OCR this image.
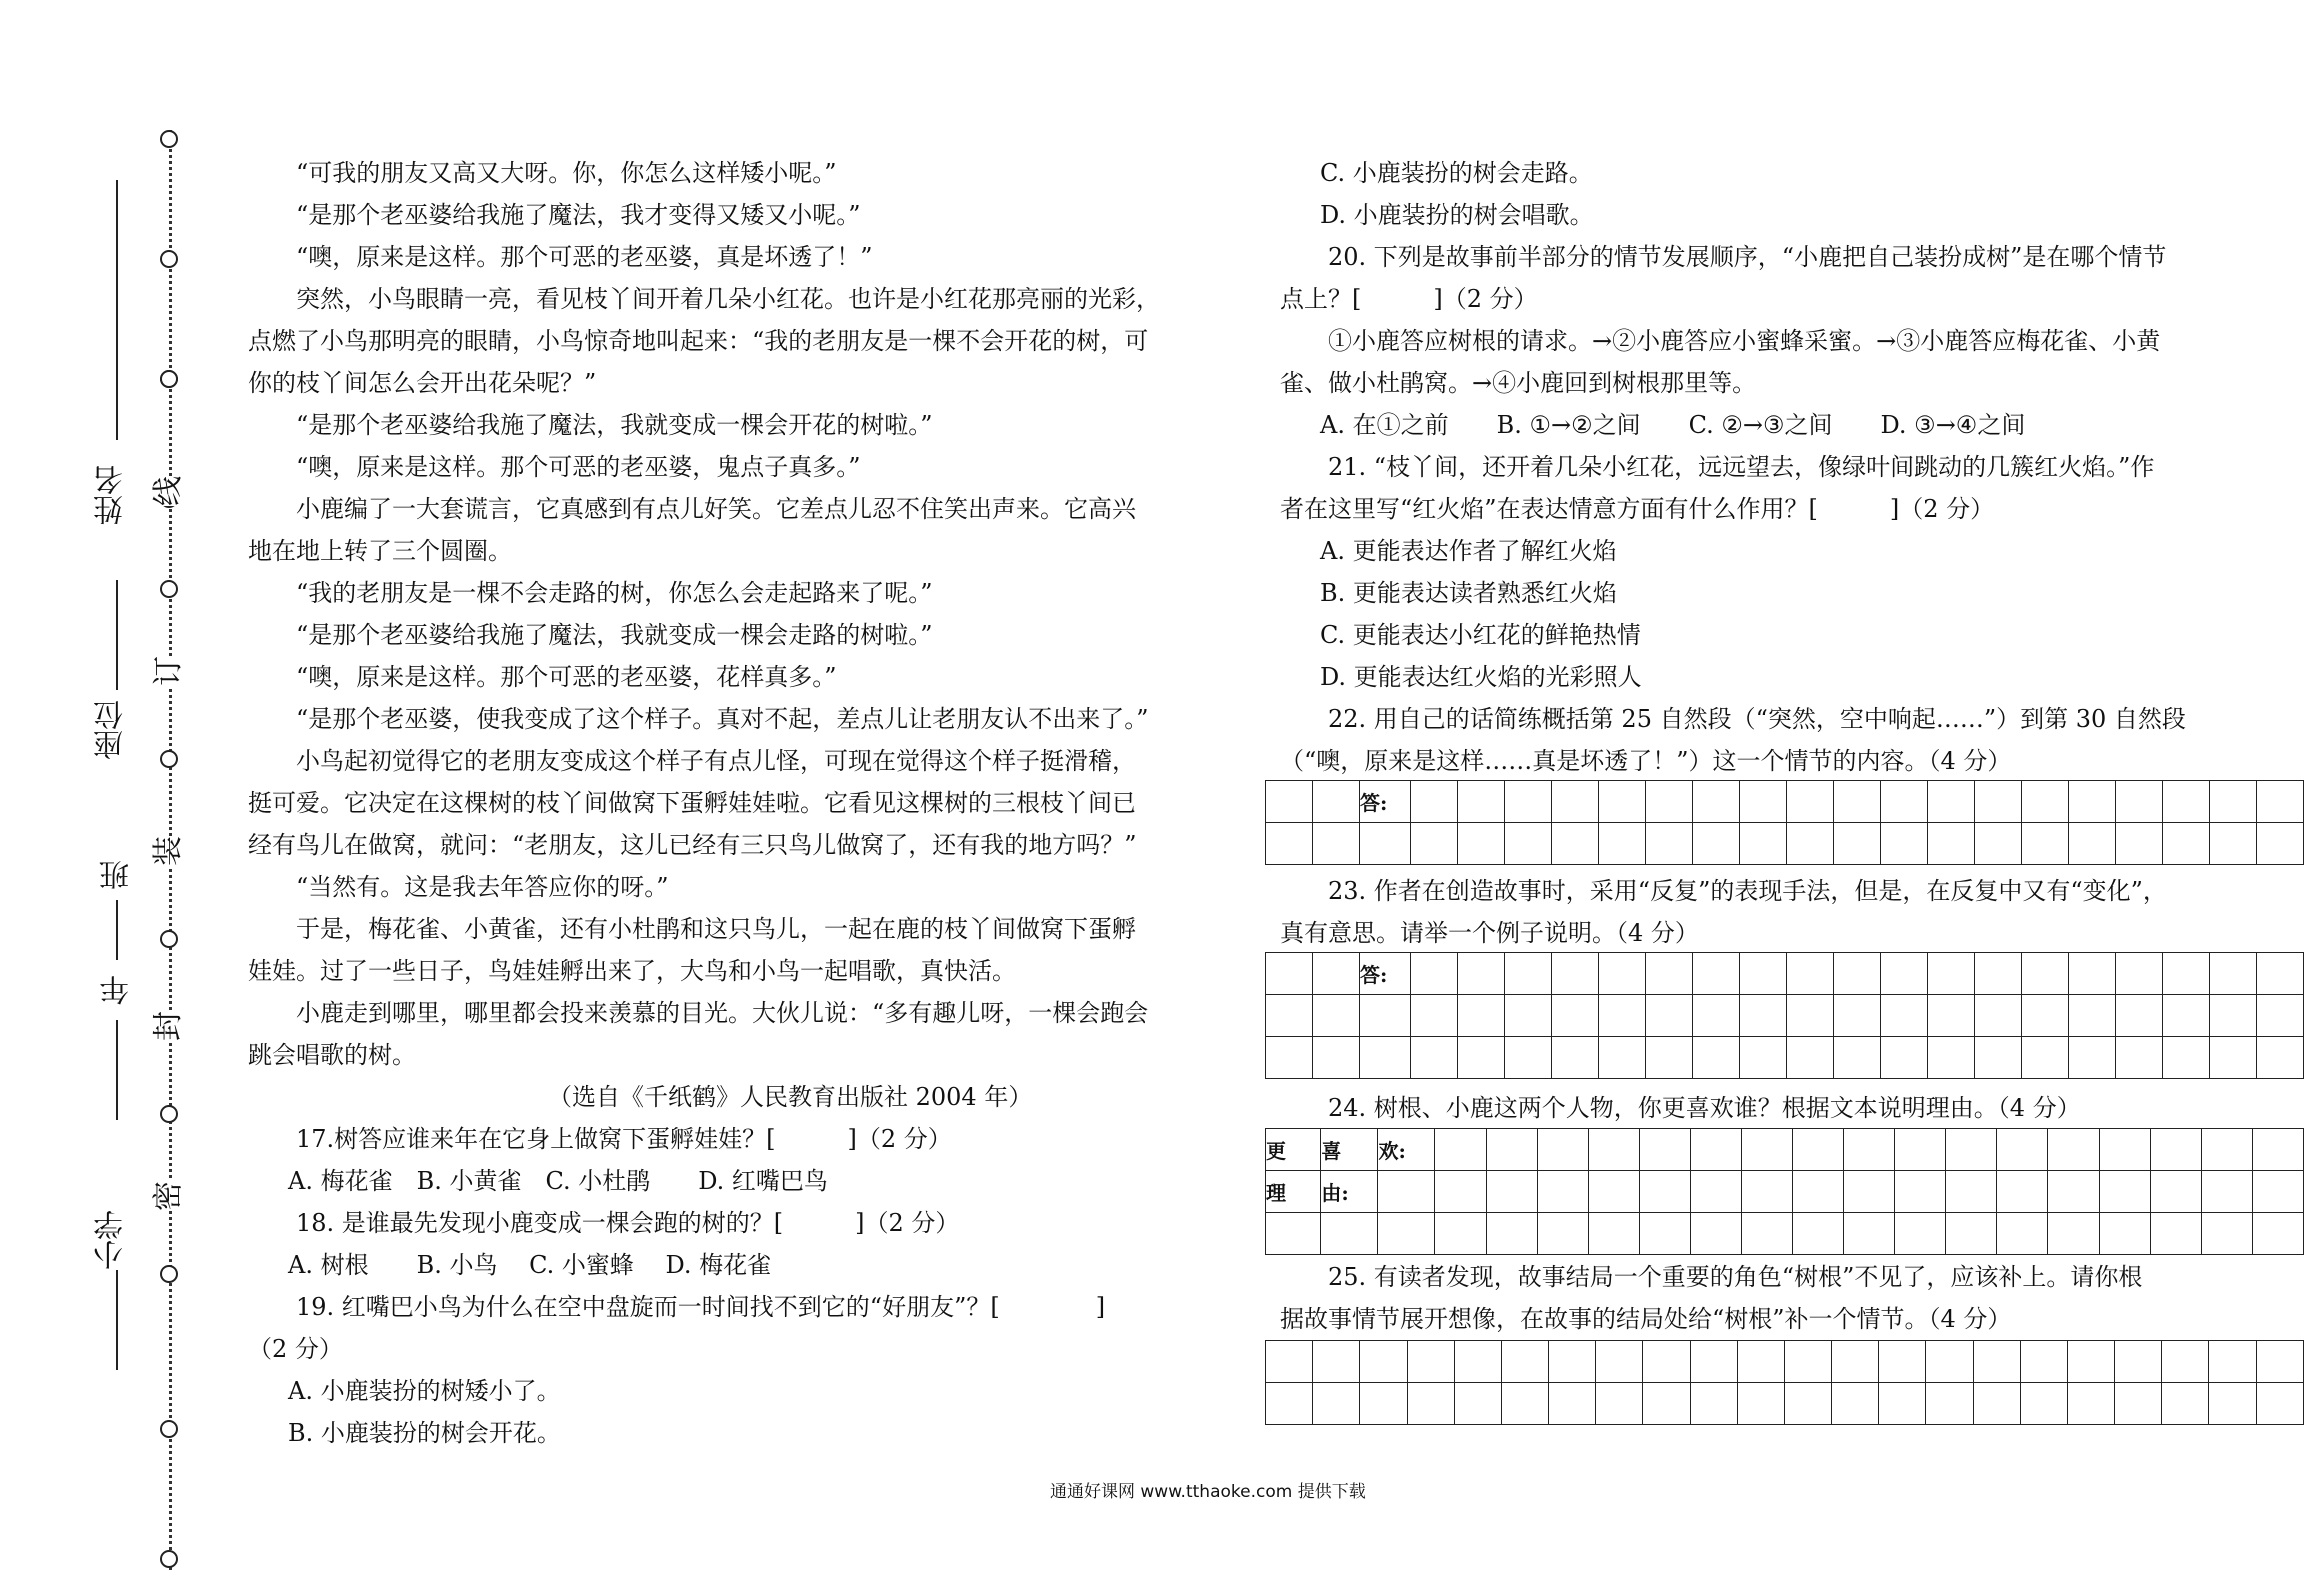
姓名
座位
班
年
小学
线
订
装
封
密

“可我的朋友又高又大呀。你，你怎么这样矮小呢。”

“是那个老巫婆给我施了魔法，我才变得又矮又小呢。”

“噢，原来是这样。那个可恶的老巫婆，真是坏透了！”

突然，小鸟眼睛一亮，看见枝丫间开着几朵小红花。也许是小红花那亮丽的光彩，

点燃了小鸟那明亮的眼睛，小鸟惊奇地叫起来：“我的老朋友是一棵不会开花的树，可

你的枝丫间怎么会开出花朵呢？”

“是那个老巫婆给我施了魔法，我就变成一棵会开花的树啦。”

“噢，原来是这样。那个可恶的老巫婆，鬼点子真多。”

小鹿编了一大套谎言，它真感到有点儿好笑。它差点儿忍不住笑出声来。它高兴

地在地上转了三个圆圈。

“我的老朋友是一棵不会走路的树，你怎么会走起路来了呢。”

“是那个老巫婆给我施了魔法，我就变成一棵会走路的树啦。”

“噢，原来是这样。那个可恶的老巫婆，花样真多。”

“是那个老巫婆，使我变成了这个样子。真对不起，差点儿让老朋友认不出来了。”

小鸟起初觉得它的老朋友变成这个样子有点儿怪，可现在觉得这个样子挺滑稽，

挺可爱。它决定在这棵树的枝丫间做窝下蛋孵娃娃啦。它看见这棵树的三根枝丫间已

经有鸟儿在做窝，就问：“老朋友，这儿已经有三只鸟儿做窝了，还有我的地方吗？”

“当然有。这是我去年答应你的呀。”

于是，梅花雀、小黄雀，还有小杜鹃和这只鸟儿，一起在鹿的枝丫间做窝下蛋孵

娃娃。过了一些日子，鸟娃娃孵出来了，大鸟和小鸟一起唱歌，真快活。

小鹿走到哪里，哪里都会投来羡慕的目光。大伙儿说：“多有趣儿呀，一棵会跑会

跳会唱歌的树。

（选自《千纸鹤》人民教育出版社 2004 年）

17.树答应谁来年在它身上做窝下蛋孵娃娃？[　　　]（2 分）

A. 梅花雀　B. 小黄雀　C. 小杜鹃　　D. 红嘴巴鸟

18. 是谁最先发现小鹿变成一棵会跑的树的？[　　　]（2 分）

A. 树根　　B. 小鸟　 C. 小蜜蜂　 D. 梅花雀

19. 红嘴巴小鸟为什么在空中盘旋而一时间找不到它的“好朋友”？[　　　　]

（2 分）

A. 小鹿装扮的树矮小了。

B. 小鹿装扮的树会开花。

C. 小鹿装扮的树会走路。

D. 小鹿装扮的树会唱歌。

20. 下列是故事前半部分的情节发展顺序，“小鹿把自己装扮成树”是在哪个情节

点上？[　　　]（2 分）

①小鹿答应树根的请求。→②小鹿答应小蜜蜂采蜜。→③小鹿答应梅花雀、小黄

雀、做小杜鹃窝。→④小鹿回到树根那里等。

A. 在①之前　　B. ①→②之间　　C. ②→③之间　　D. ③→④之间

21. “枝丫间，还开着几朵小红花，远远望去，像绿叶间跳动的几簇红火焰。”作

者在这里写“红火焰”在表达情意方面有什么作用？[　　　]（2 分）

A. 更能表达作者了解红火焰

B. 更能表达读者熟悉红火焰

C. 更能表达小红花的鲜艳热情

D. 更能表达红火焰的光彩照人

22. 用自己的话简练概括第 25 自然段（“突然，空中响起……”）到第 30 自然段

（“噢，原来是这样……真是坏透了！”）这一个情节的内容。（4 分）

		答:																			

23. 作者在创造故事时，采用“反复”的表现手法，但是，在反复中又有“变化”，

真有意思。请举一个例子说明。（4 分）

		答:																			

24. 树根、小鹿这两个人物，你更喜欢谁？根据文本说明理由。（4 分）

更	喜	欢:																	
理	由:																		

25. 有读者发现，故事结局一个重要的角色“树根”不见了，应该补上。请你根

据故事情节展开想像，在故事的结局处给“树根”补一个情节。（4 分）

通通好课网 www.tthaoke.com 提供下载
